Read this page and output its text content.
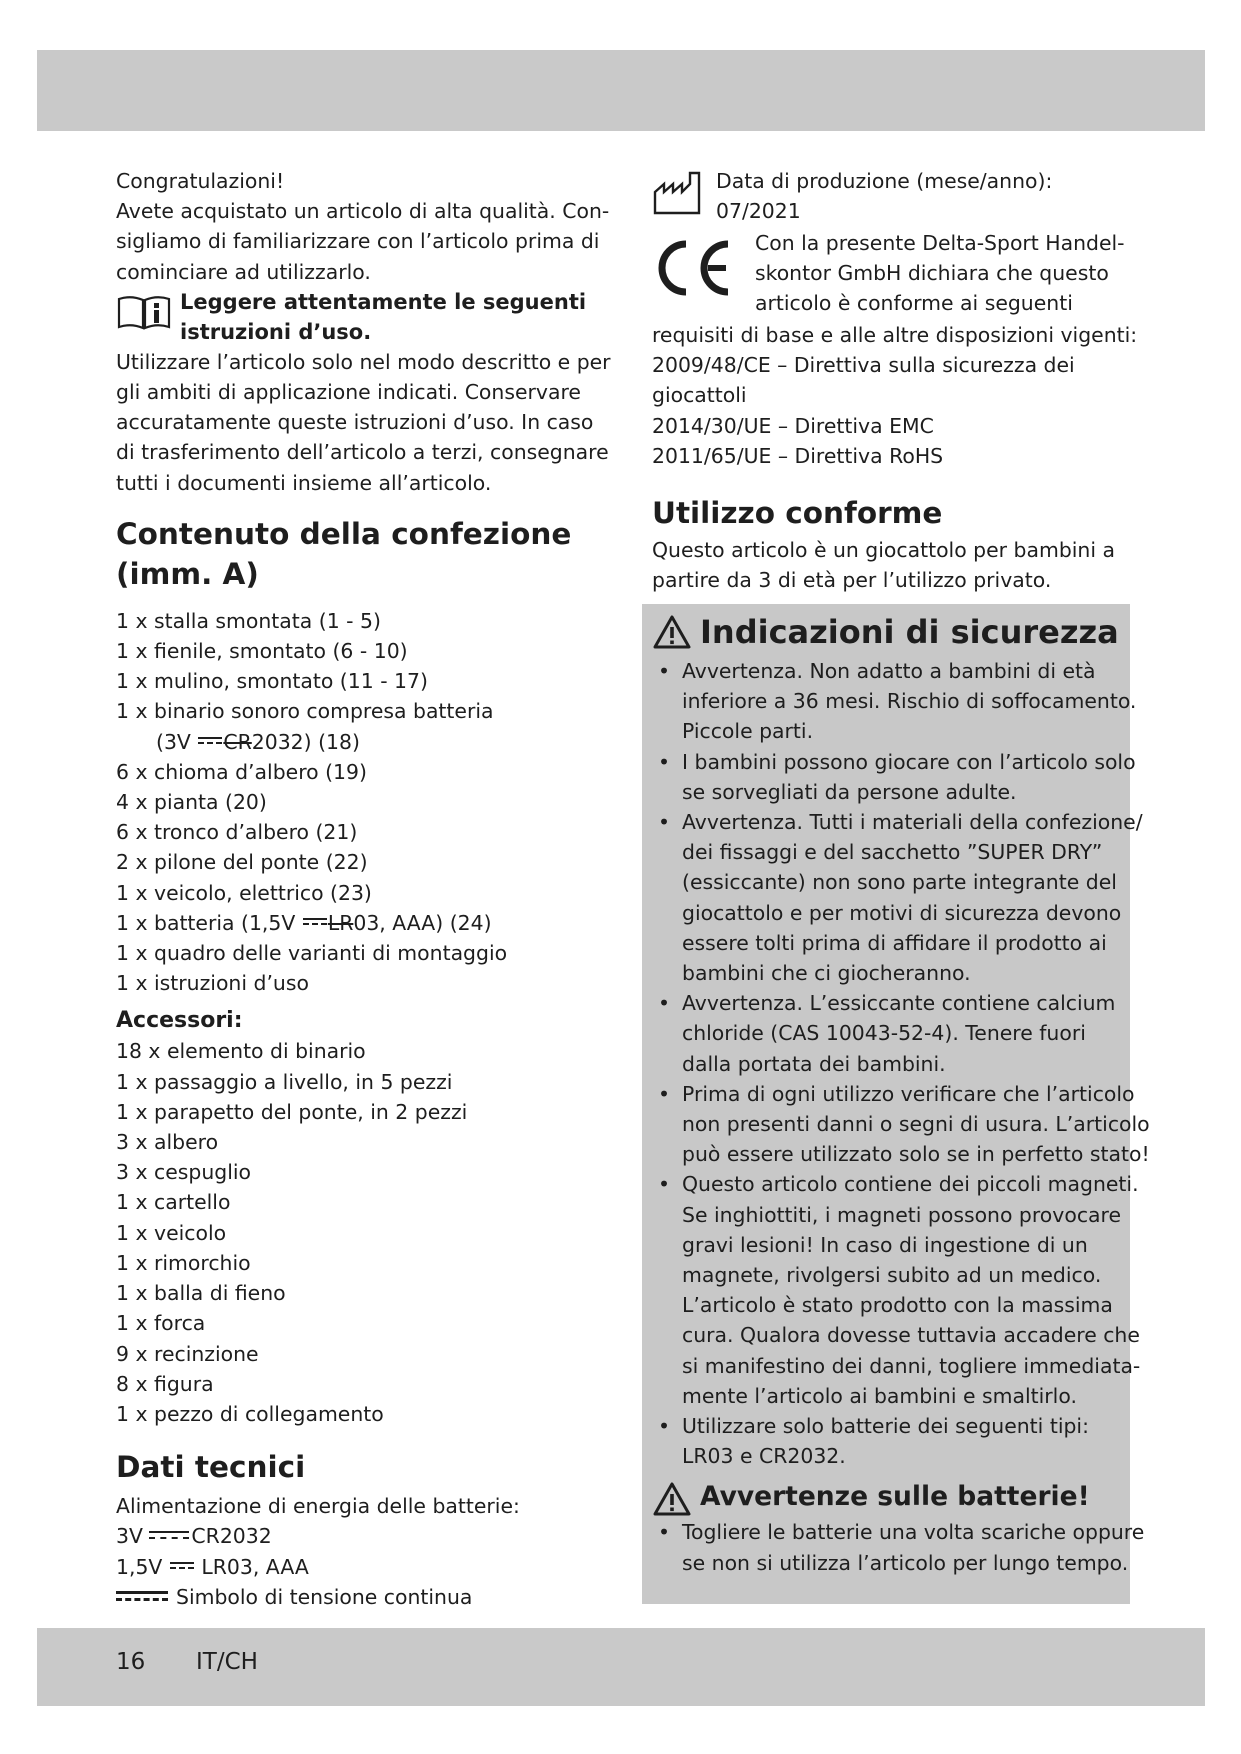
Congratulazioni!

Avete acquistato un articolo di alta qualità. Con-

sigliamo di familiarizzare con l’articolo prima di

cominciare ad utilizzarlo.

Leggere attentamente le seguenti
istruzioni d’uso.

Utilizzare l’articolo solo nel modo descritto e per

gli ambiti di applicazione indicati. Conservare

accuratamente queste istruzioni d’uso. In caso

di trasferimento dell’articolo a terzi, consegnare

tutti i documenti insieme all’articolo.

Contenuto della confezione

(imm. A)

1 x stalla smontata (1 - 5)

1 x fienile, smontato (6 - 10)

1 x mulino, smontato (11 - 17)

1 x binario sonoro compresa batteria

(3V CR2032) (18)

6 x chioma d’albero (19)

4 x pianta (20)

6 x tronco d’albero (21)

2 x pilone del ponte (22)

1 x veicolo, elettrico (23)

1 x batteria (1,5V LR03, AAA) (24)

1 x quadro delle varianti di montaggio

1 x istruzioni d’uso

Accessori:

18 x elemento di binario

1 x passaggio a livello, in 5 pezzi

1 x parapetto del ponte, in 2 pezzi

3 x albero

3 x cespuglio

1 x cartello

1 x veicolo

1 x rimorchio

1 x balla di fieno

1 x forca

9 x recinzione

8 x figura

1 x pezzo di collegamento

Dati tecnici

Alimentazione di energia delle batterie:

3V CR2032

1,5V LR03, AAA

Simbolo di tensione continua

Data di produzione (mese/anno):

07/2021

Con la presente Delta-Sport Handel-

skontor GmbH dichiara che questo

articolo è conforme ai seguenti

requisiti di base e alle altre disposizioni vigenti:

2009/48/CE – Direttiva sulla sicurezza dei

giocattoli

2014/30/UE – Direttiva EMC

2011/65/UE – Direttiva RoHS

Utilizzo conforme

Questo articolo è un giocattolo per bambini a

partire da 3 di età per l’utilizzo privato.

Indicazioni di sicurezza
• Avvertenza. Non adatto a bambini di età
inferiore a 36 mesi. Rischio di soffocamento.
Piccole parti.
• I bambini possono giocare con l’articolo solo
se sorvegliati da persone adulte.
• Avvertenza. Tutti i materiali della confezione/
dei fissaggi e del sacchetto ”SUPER DRY”
(essiccante) non sono parte integrante del
giocattolo e per motivi di sicurezza devono
essere tolti prima di affidare il prodotto ai
bambini che ci giocheranno.
• Avvertenza. L’essiccante contiene calcium
chloride (CAS 10043-52-4). Tenere fuori
dalla portata dei bambini.
• Prima di ogni utilizzo verificare che l’articolo
non presenti danni o segni di usura. L’articolo
può essere utilizzato solo se in perfetto stato!
• Questo articolo contiene dei piccoli magneti.
Se inghiottiti, i magneti possono provocare
gravi lesioni! In caso di ingestione di un
magnete, rivolgersi subito ad un medico.
L’articolo è stato prodotto con la massima
cura. Qualora dovesse tuttavia accadere che
si manifestino dei danni, togliere immediata-
mente l’articolo ai bambini e smaltirlo.
• Utilizzare solo batterie dei seguenti tipi:
LR03 e CR2032.
Avvertenze sulle batterie!
• Togliere le batterie una volta scariche oppure
se non si utilizza l’articolo per lungo tempo.
16 IT/CH
